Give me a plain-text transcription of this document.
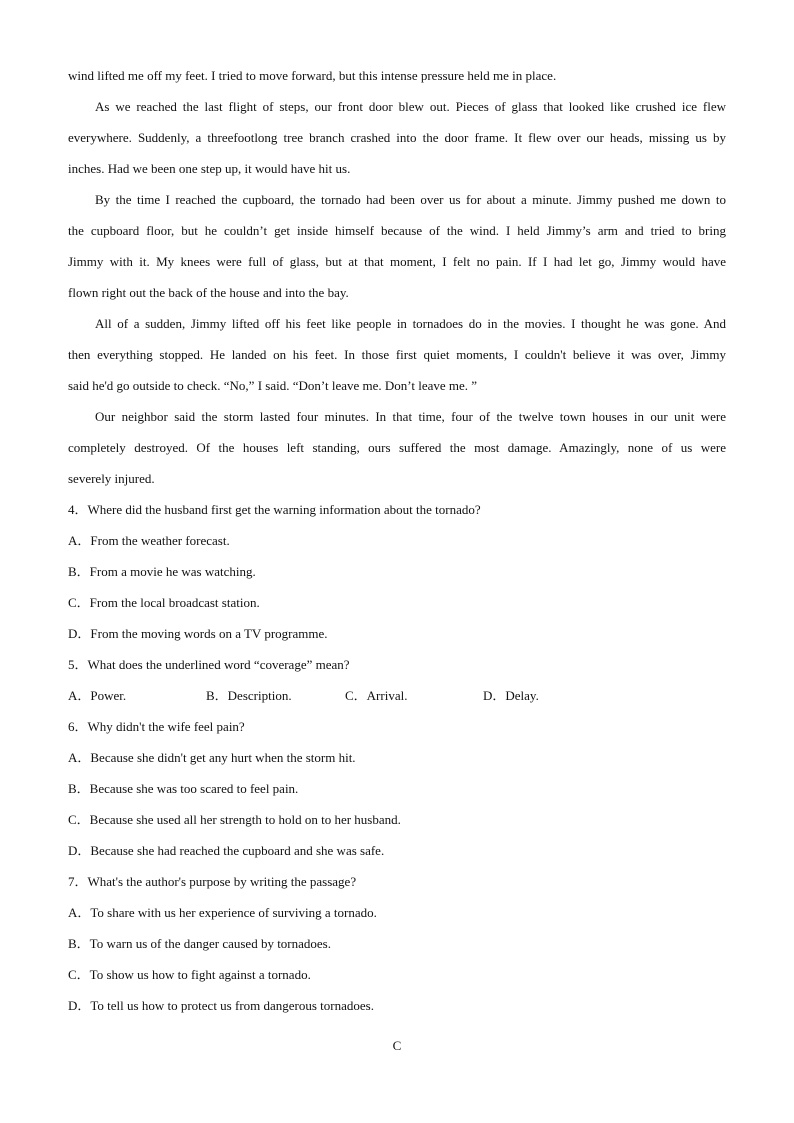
wind lifted me off my feet. I tried to move forward, but this intense pressure held me in place.
As we reached the last flight of steps, our front door blew out. Pieces of glass that looked like crushed ice flew
everywhere. Suddenly, a threefootlong tree branch crashed into the door frame. It flew over our heads, missing us by
inches. Had we been one step up, it would have hit us.
By the time I reached the cupboard, the tornado had been over us for about a minute. Jimmy pushed me down to
the cupboard floor, but he couldn’t get inside himself because of the wind. I held Jimmy’s arm and tried to bring
Jimmy with it. My knees were full of glass, but at that moment, I felt no pain. If I had let go, Jimmy would have
flown right out the back of the house and into the bay.
All of a sudden, Jimmy lifted off his feet like people in tornadoes do in the movies. I thought he was gone. And
then everything stopped. He landed on his feet. In those first quiet moments, I couldn't believe it was over, Jimmy
said he'd go outside to check. “No,” I said. “Don’t leave me. Don’t leave me. ”
Our neighbor said the storm lasted four minutes. In that time, four of the twelve town houses in our unit were
completely destroyed. Of the houses left standing, ours suffered the most damage. Amazingly, none of us were
severely injured.
4．Where did the husband first get the warning information about the tornado?
A．From the weather forecast.
B．From a movie he was watching.
C．From the local broadcast station.
D．From the moving words on a TV programme.
5．What does the underlined word “coverage” mean?
A．Power.	B．Description.	C．Arrival.	D．Delay.
6．Why didn't the wife feel pain?
A．Because she didn't get any hurt when the storm hit.
B．Because she was too scared to feel pain.
C．Because she used all her strength to hold on to her husband.
D．Because she had reached the cupboard and she was safe.
7．What's the author's purpose by writing the passage?
A．To share with us her experience of surviving a tornado.
B．To warn us of the danger caused by tornadoes.
C．To show us how to fight against a tornado.
D．To tell us how to protect us from dangerous tornadoes.
C
